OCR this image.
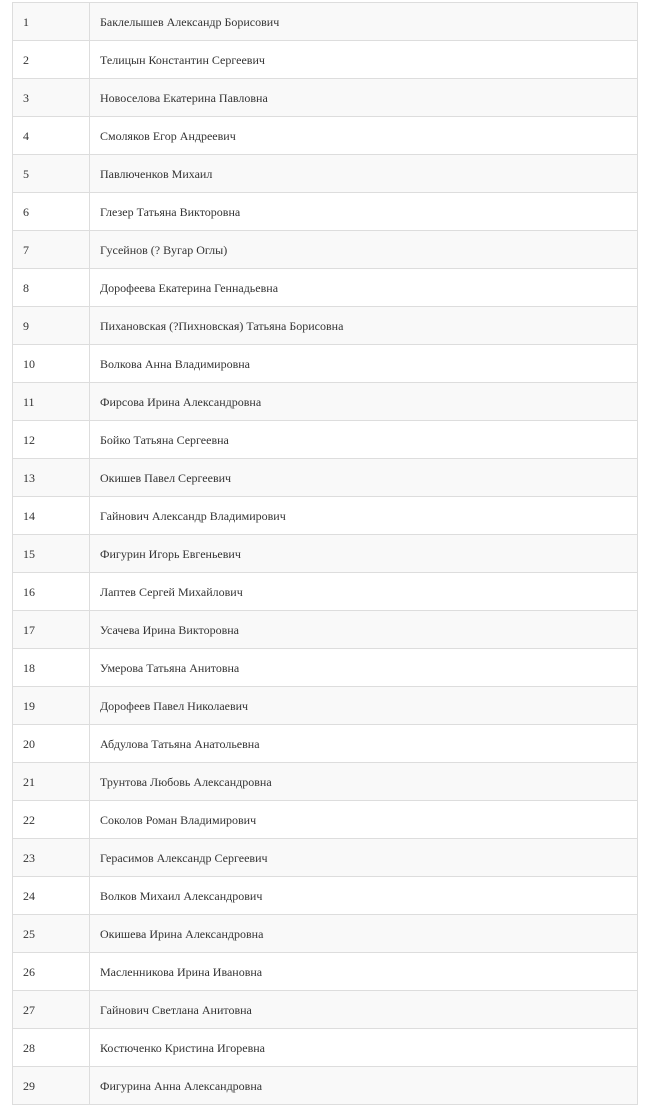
1	Баклелышев Александр Борисович
2	Телицын Константин Сергеевич
3	Новоселова Екатерина Павловна
4	Смоляков Егор Андреевич
5	Павлюченков Михаил
6	Глезер Татьяна Викторовна
7	Гусейнов (? Вугар Оглы)
8	Дорофеева Екатерина Геннадьевна
9	Пихановская (?Пихновская) Татьяна Борисовна
10	Волкова Анна Владимировна
11	Фирсова Ирина Александровна
12	Бойко Татьяна Сергеевна
13	Окишев Павел Сергеевич
14	Гайнович Александр Владимирович
15	Фигурин Игорь Евгеньевич
16	Лаптев Сергей Михайлович
17	Усачева Ирина Викторовна
18	Умерова Татьяна Анитовна
19	Дорофеев Павел Николаевич
20	Абдулова Татьяна Анатольевна
21	Трунтова Любовь Александровна
22	Соколов Роман Владимирович
23	Герасимов Александр Сергеевич
24	Волков Михаил Александрович
25	Окишева Ирина Александровна
26	Масленникова Ирина Ивановна
27	Гайнович Светлана Анитовна
28	Костюченко Кристина Игоревна
29	Фигурина Анна Александровна
